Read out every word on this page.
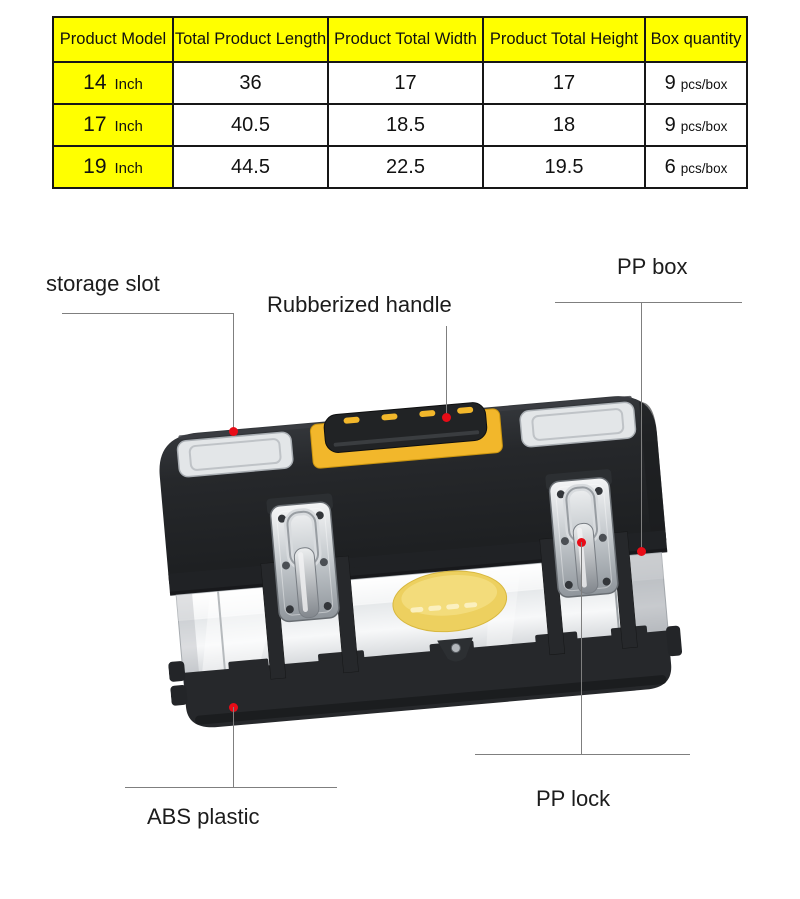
Product Model	Total Product Length	Product Total Width	Product Total Height	Box quantity
14 Inch	36	17	17	9 pcs/box
17 Inch	40.5	18.5	18	9 pcs/box
19 Inch	44.5	22.5	19.5	6 pcs/box
storage slot
Rubberized handle
PP box
PP lock
ABS plastic
